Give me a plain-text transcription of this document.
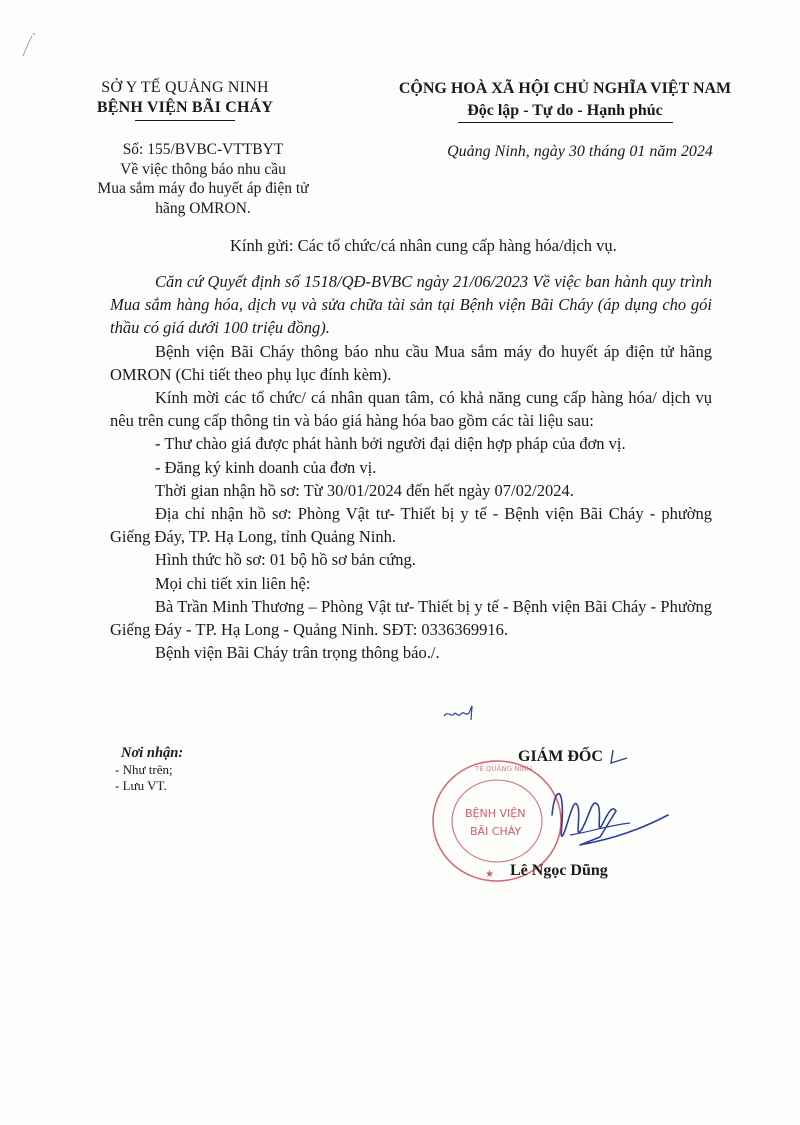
SỞ Y TẾ QUẢNG NINH
BỆNH VIỆN BÃI CHÁY
CỘNG HOÀ XÃ HỘI CHỦ NGHĨA VIỆT NAM
Độc lập - Tự do - Hạnh phúc
Số: 155/BVBC-VTTBYT
Về việc thông báo nhu cầu
Mua sắm máy đo huyết áp điện tử
hãng OMRON.
Quảng Ninh, ngày 30 tháng 01 năm 2024
Kính gửi: Các tổ chức/cá nhân cung cấp hàng hóa/dịch vụ.

Căn cứ Quyết định số 1518/QĐ-BVBC ngày 21/06/2023 Về việc ban hành quy trình Mua sắm hàng hóa, dịch vụ và sửa chữa tài sản tại Bệnh viện Bãi Cháy (áp dụng cho gói thầu có giá dưới 100 triệu đồng).

Bệnh viện Bãi Cháy thông báo nhu cầu Mua sắm máy đo huyết áp điện tử hãng OMRON (Chi tiết theo phụ lục đính kèm).

Kính mời các tổ chức/ cá nhân quan tâm, có khả năng cung cấp hàng hóa/ dịch vụ nêu trên cung cấp thông tin và báo giá hàng hóa bao gồm các tài liệu sau:

- Thư chào giá được phát hành bởi người đại diện hợp pháp của đơn vị.

- Đăng ký kinh doanh của đơn vị.

Thời gian nhận hồ sơ: Từ 30/01/2024 đến hết ngày 07/02/2024.

Địa chỉ nhận hồ sơ: Phòng Vật tư- Thiết bị y tế - Bệnh viện Bãi Cháy - phường Giếng Đáy, TP. Hạ Long, tỉnh Quảng Ninh.

Hình thức hồ sơ: 01 bộ hồ sơ bản cứng.

Mọi chi tiết xin liên hệ:

Bà Trần Minh Thương – Phòng Vật tư- Thiết bị y tế - Bệnh viện Bãi Cháy - Phường Giếng Đáy - TP. Hạ Long - Quảng Ninh. SĐT: 0336369916.

Bệnh viện Bãi Cháy trân trọng thông báo./.

Nơi nhận:
- Như trên;
- Lưu VT.
BỆNH VIỆN
BÃI CHÁY
TẾ QUẢNG NINH
★
GIÁM ĐỐC
Lê Ngọc Dũng
